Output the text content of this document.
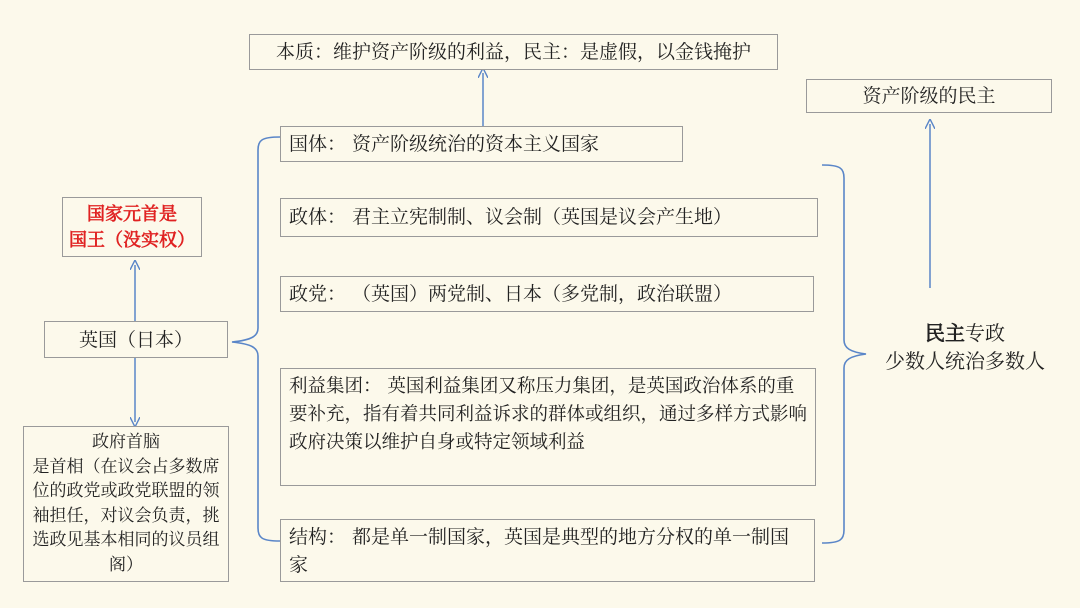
本质：维护资产阶级的利益，民主：是虚假，以金钱掩护
资产阶级的民主
国家元首是
国王（没实权）
英国（日本）
政府首脑
是首相（在议会占多数席位的政党或政党联盟的领袖担任，对议会负责，挑选政见基本相同的议员组阁）
国体： 资产阶级统治的资本主义国家
政体： 君主立宪制制、议会制（英国是议会产生地）
政党： （英国）两党制、日本（多党制，政治联盟）
利益集团： 英国利益集团又称压力集团，是英国政治体系的重要补充，指有着共同利益诉求的群体或组织，通过多样方式影响政府决策以维护自身或特定领域利益
结构： 都是单一制国家，英国是典型的地方分权的单一制国家
民主专政
少数人统治多数人
